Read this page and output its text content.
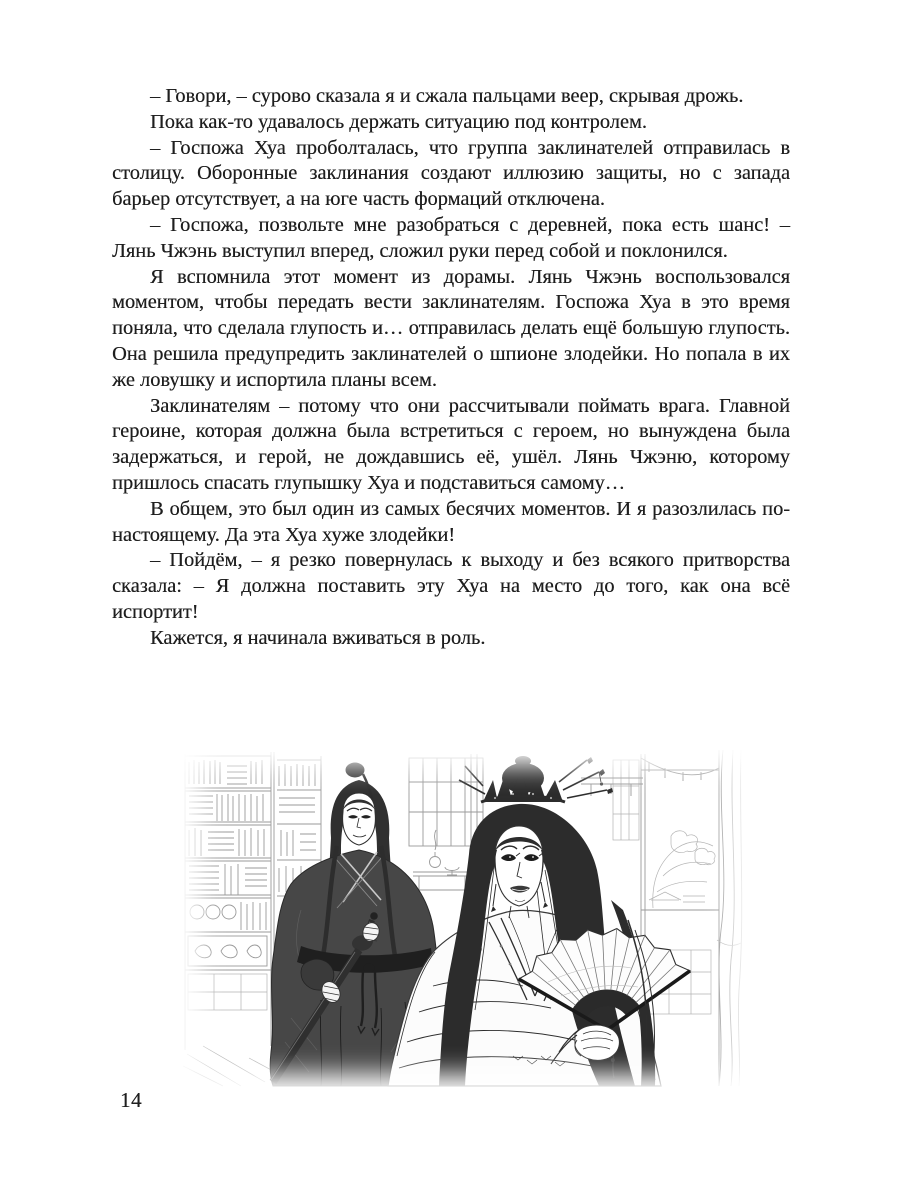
– Говори, – сурово сказала я и сжала пальцами веер, скрывая дрожь.

Пока как-то удавалось держать ситуацию под контролем.

– Госпожа Хуа проболталась, что группа заклинателей отправилась в столицу. Оборонные заклинания создают иллюзию защиты, но с запада барьер отсутствует, а на юге часть формаций отключена.

– Госпожа, позвольте мне разобраться с деревней, пока есть шанс! – Лянь Чжэнь выступил вперед, сложил руки перед собой и поклонился.

Я вспомнила этот момент из дорамы. Лянь Чжэнь воспользовался моментом, чтобы передать вести заклинателям. Госпожа Хуа в это время поняла, что сделала глупость и… отправилась делать ещё большую глупость. Она решила предупредить заклинателей о шпионе злодейки. Но попала в их же ловушку и испортила планы всем.

Заклинателям – потому что они рассчитывали поймать врага. Главной героине, которая должна была встретиться с героем, но вынуждена была задержаться, и герой, не дождавшись её, ушёл. Лянь Чжэню, которому пришлось спасать глупышку Хуа и подставиться самому…

В общем, это был один из самых бесячих моментов. И я разозлилась по-настоящему. Да эта Хуа хуже злодейки!

– Пойдём, – я резко повернулась к выходу и без всякого притворства сказала: – Я должна поставить эту Хуа на место до того, как она всё испортит!

Кажется, я начинала вживаться в роль.

14
